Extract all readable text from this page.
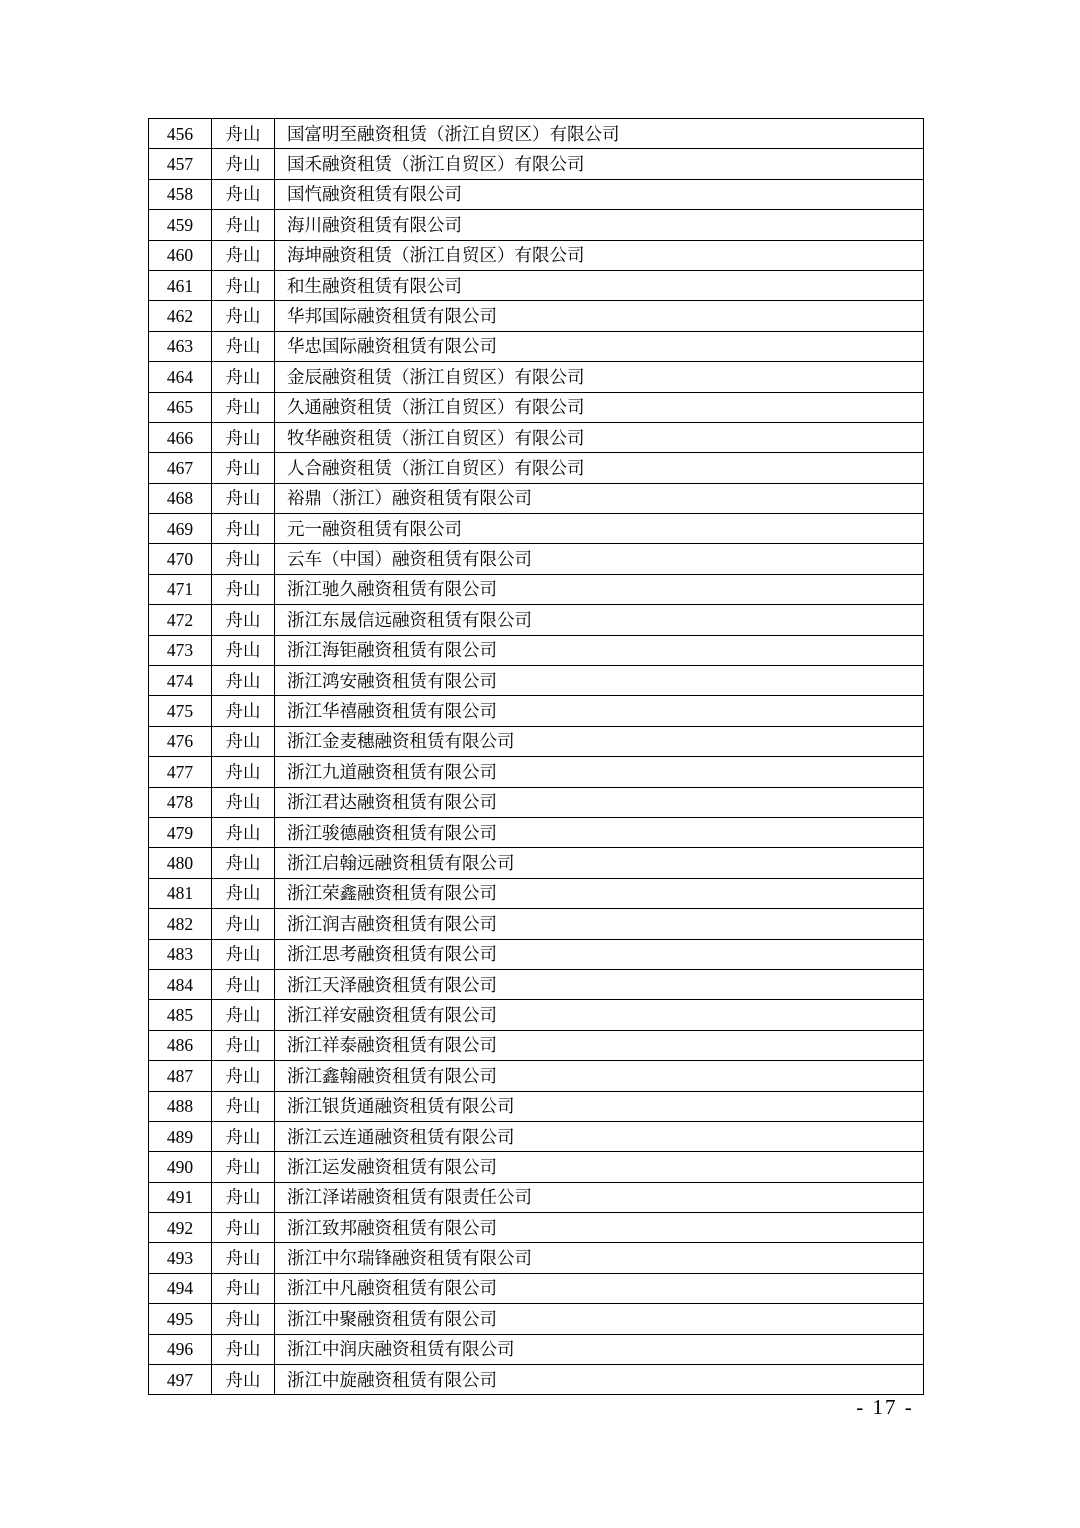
456	舟山	国富明至融资租赁（浙江自贸区）有限公司
457	舟山	国禾融资租赁（浙江自贸区）有限公司
458	舟山	国忾融资租赁有限公司
459	舟山	海川融资租赁有限公司
460	舟山	海坤融资租赁（浙江自贸区）有限公司
461	舟山	和生融资租赁有限公司
462	舟山	华邦国际融资租赁有限公司
463	舟山	华忠国际融资租赁有限公司
464	舟山	金辰融资租赁（浙江自贸区）有限公司
465	舟山	久通融资租赁（浙江自贸区）有限公司
466	舟山	牧华融资租赁（浙江自贸区）有限公司
467	舟山	人合融资租赁（浙江自贸区）有限公司
468	舟山	裕鼎（浙江）融资租赁有限公司
469	舟山	元一融资租赁有限公司
470	舟山	云车（中国）融资租赁有限公司
471	舟山	浙江驰久融资租赁有限公司
472	舟山	浙江东晟信远融资租赁有限公司
473	舟山	浙江海钜融资租赁有限公司
474	舟山	浙江鸿安融资租赁有限公司
475	舟山	浙江华禧融资租赁有限公司
476	舟山	浙江金麦穗融资租赁有限公司
477	舟山	浙江九道融资租赁有限公司
478	舟山	浙江君达融资租赁有限公司
479	舟山	浙江骏德融资租赁有限公司
480	舟山	浙江启翰远融资租赁有限公司
481	舟山	浙江荣鑫融资租赁有限公司
482	舟山	浙江润吉融资租赁有限公司
483	舟山	浙江思考融资租赁有限公司
484	舟山	浙江天泽融资租赁有限公司
485	舟山	浙江祥安融资租赁有限公司
486	舟山	浙江祥泰融资租赁有限公司
487	舟山	浙江鑫翰融资租赁有限公司
488	舟山	浙江银货通融资租赁有限公司
489	舟山	浙江云连通融资租赁有限公司
490	舟山	浙江运发融资租赁有限公司
491	舟山	浙江泽诺融资租赁有限责任公司
492	舟山	浙江致邦融资租赁有限公司
493	舟山	浙江中尔瑞锋融资租赁有限公司
494	舟山	浙江中凡融资租赁有限公司
495	舟山	浙江中聚融资租赁有限公司
496	舟山	浙江中润庆融资租赁有限公司
497	舟山	浙江中旋融资租赁有限公司
- 17 -
